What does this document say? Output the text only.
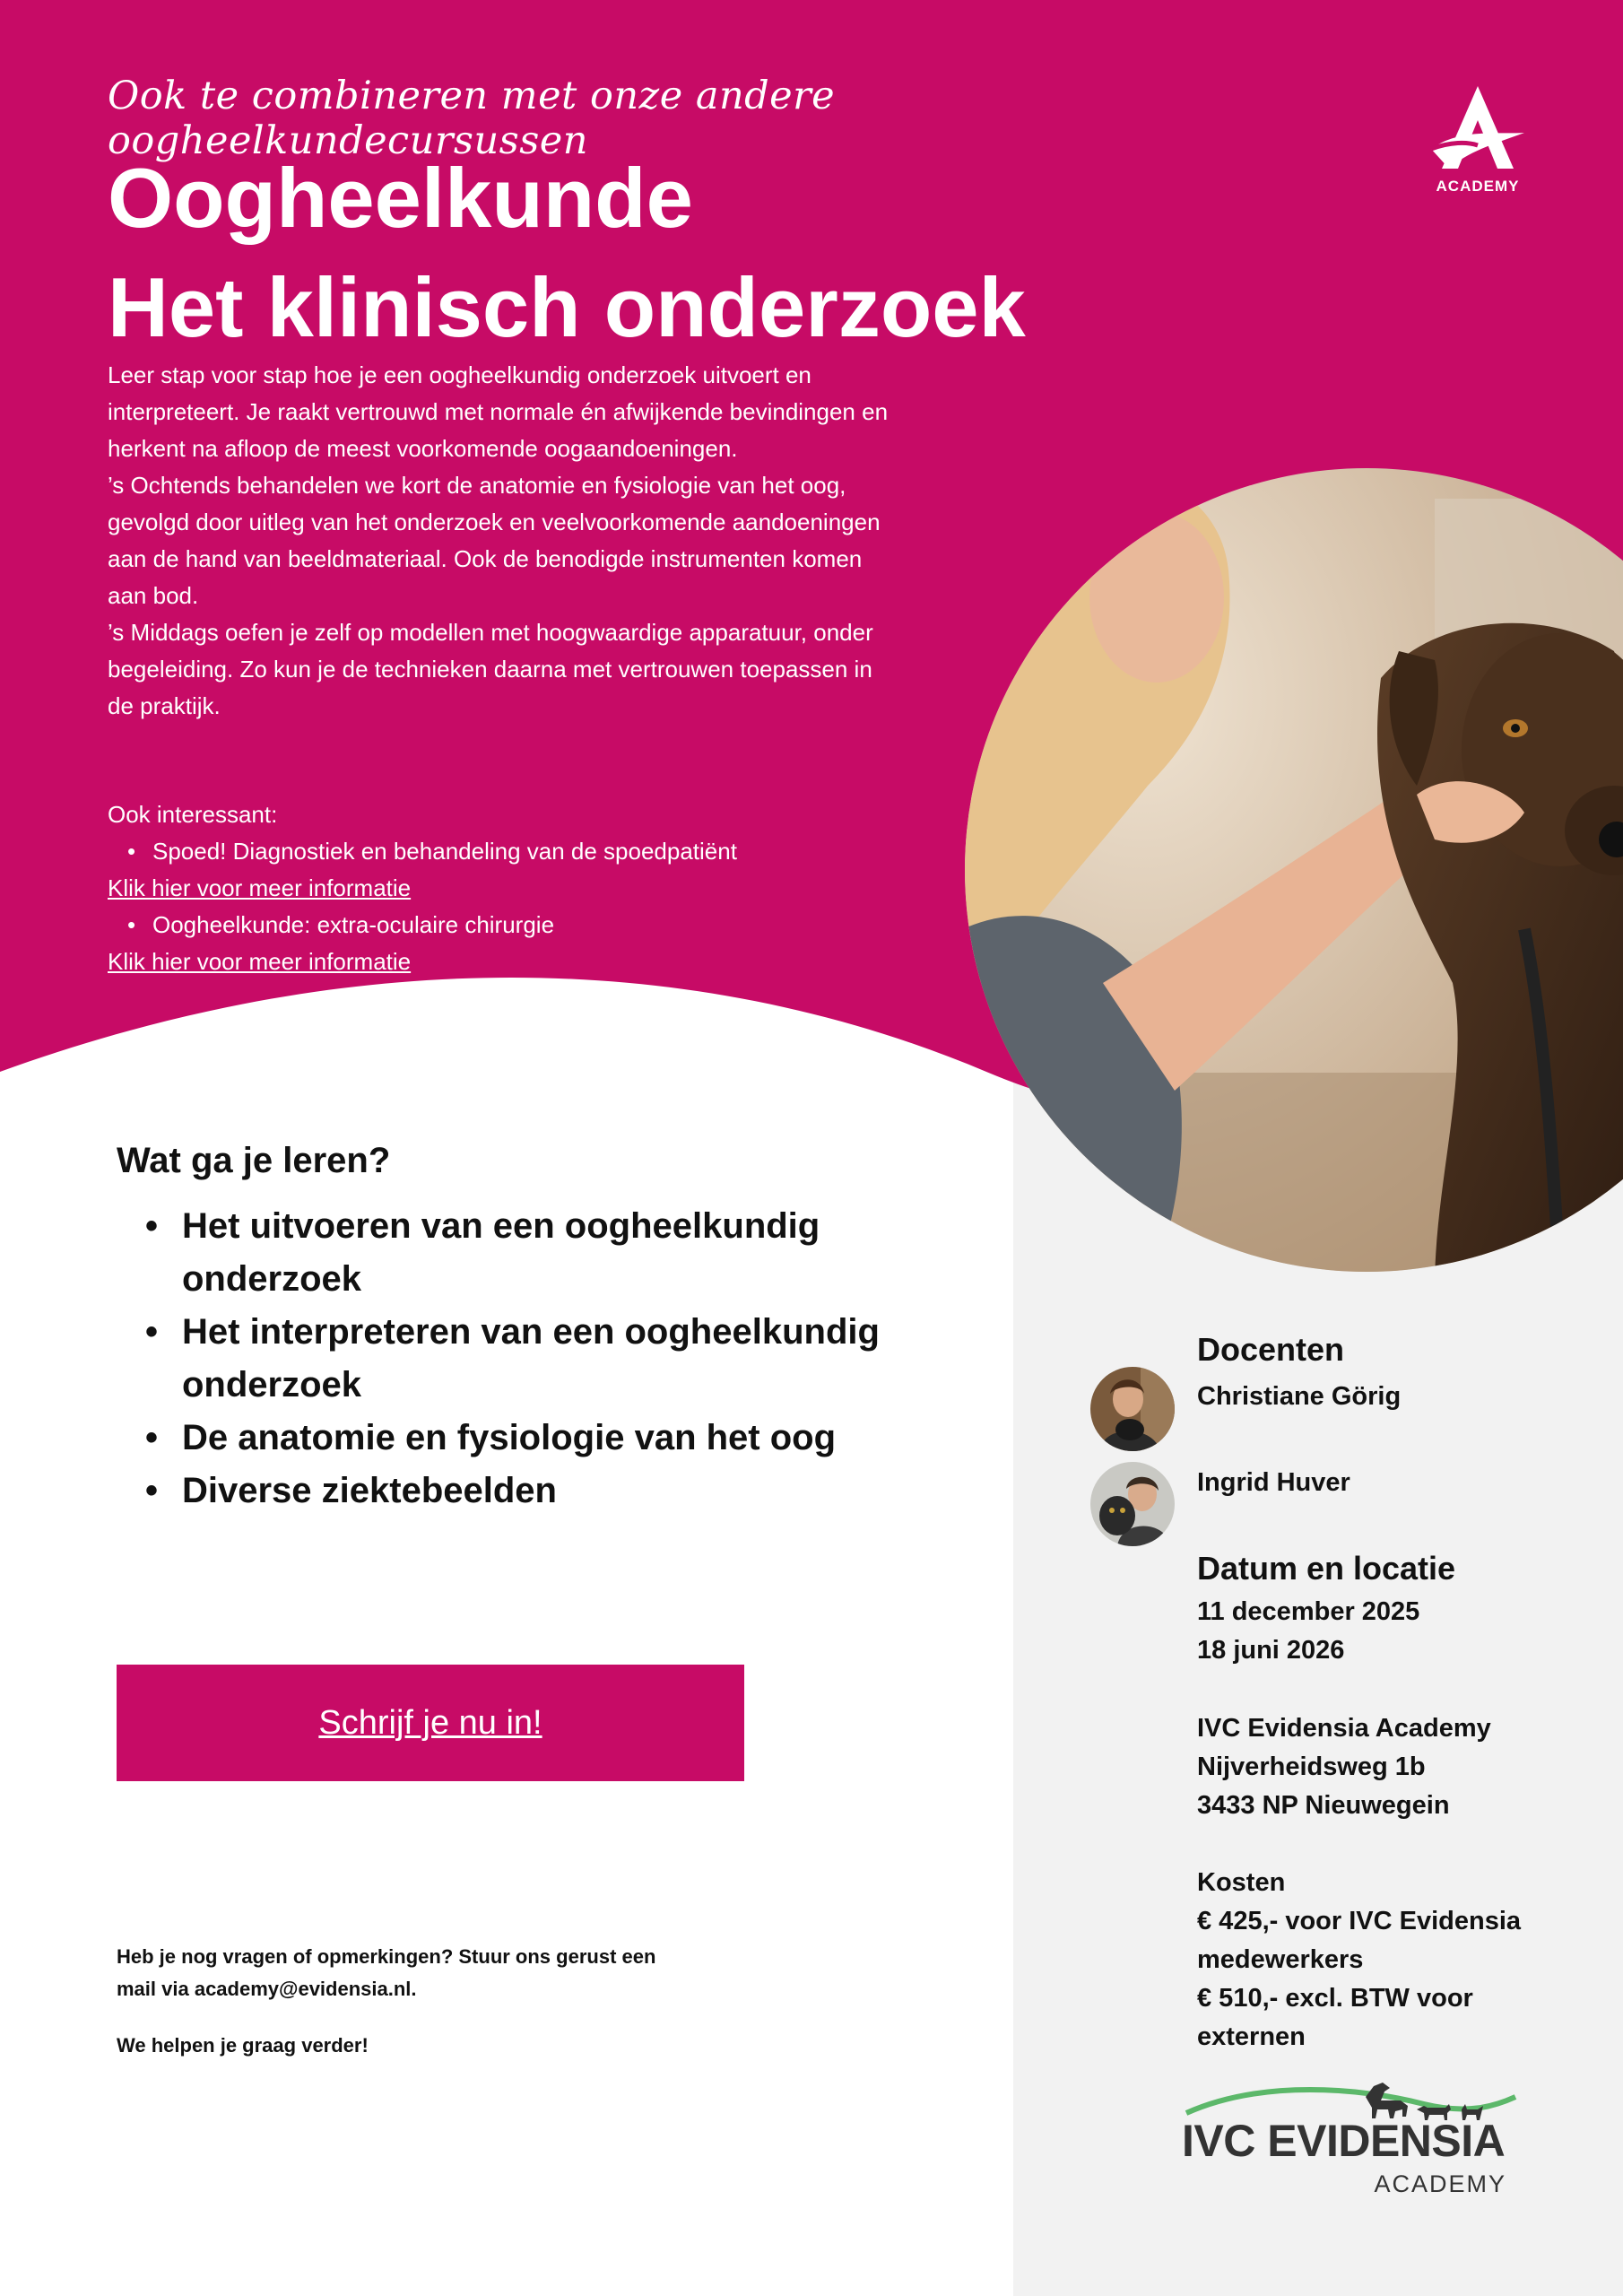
Ook te combineren met onze andere oogheelkundecursussen
Oogheelkunde
Het klinisch onderzoek
ACADEMY

Leer stap voor stap hoe je een oogheelkundig onderzoek uitvoert en interpreteert. Je raakt vertrouwd met normale én afwijkende bevindingen en herkent na afloop de meest voorkomende oogaandoeningen.

’s Ochtends behandelen we kort de anatomie en fysiologie van het oog, gevolgd door uitleg van het onderzoek en veelvoorkomende aandoeningen aan de hand van beeldmateriaal. Ook de benodigde instrumenten komen aan bod.

’s Middags oefen je zelf op modellen met hoogwaardige apparatuur, onder begeleiding. Zo kun je de technieken daarna met vertrouwen toepassen in de praktijk.

Ook interessant:
• Spoed! Diagnostiek en behandeling van de spoedpatiënt
Klik hier voor meer informatie
• Oogheelkunde: extra-oculaire chirurgie
Klik hier voor meer informatie
Wat ga je leren?
• Het uitvoeren van een oogheelkundig onderzoek
• Het interpreteren van een oogheelkundig onderzoek
• De anatomie en fysiologie van het oog
• Diverse ziektebeelden
Schrijf je nu in!

Heb je nog vragen of opmerkingen? Stuur ons gerust een mail via academy@evidensia.nl.

We helpen je graag verder!
Docenten
Christiane Görig
Ingrid Huver
Datum en locatie
11 december 2025
18 juni 2026
IVC Evidensia Academy
Nijverheidsweg 1b
3433 NP Nieuwegein
Kosten
€ 425,- voor IVC Evidensia
medewerkers
€ 510,- excl. BTW voor
externen
IVC EVIDENSIA
ACADEMY
